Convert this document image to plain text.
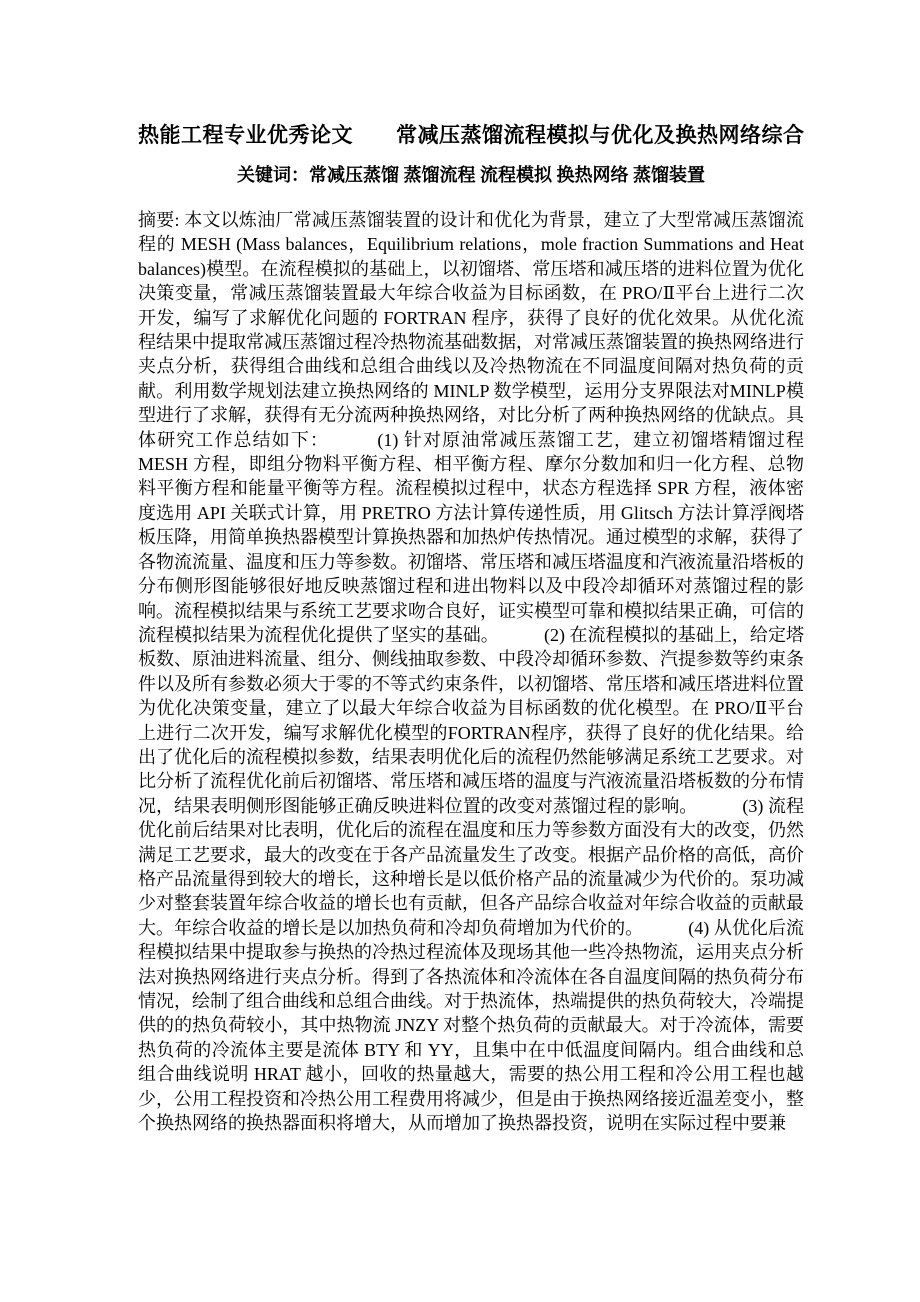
热能工程专业优秀论文　　常减压蒸馏流程模拟与优化及换热网络综合
关键词：常减压蒸馏 蒸馏流程 流程模拟 换热网络 蒸馏装置

摘要: 本文以炼油厂常减压蒸馏装置的设计和优化为背景，建立了大型常减压蒸馏流程的 MESH (Mass balances，Equilibrium relations，mole fraction Summations and Heat balances)模型。在流程模拟的基础上，以初馏塔、常压塔和减压塔的进料位置为优化决策变量，常减压蒸馏装置最大年综合收益为目标函数，在 PRO/Ⅱ平台上进行二次开发，编写了求解优化问题的 FORTRAN 程序，获得了良好的优化效果。从优化流程结果中提取常减压蒸馏过程冷热物流基础数据，对常减压蒸馏装置的换热网络进行夹点分析，获得组合曲线和总组合曲线以及冷热物流在不同温度间隔对热负荷的贡献。利用数学规划法建立换热网络的 MINLP 数学模型，运用分支界限法对MINLP模型进行了求解，获得有无分流两种换热网络，对比分析了两种换热网络的优缺点。具体研究工作总结如下：　　　(1) 针对原油常减压蒸馏工艺，建立初馏塔精馏过程 MESH 方程，即组分物料平衡方程、相平衡方程、摩尔分数加和归一化方程、总物料平衡方程和能量平衡等方程。流程模拟过程中，状态方程选择 SPR 方程，液体密度选用 API 关联式计算，用 PRETRO 方法计算传递性质，用 Glitsch 方法计算浮阀塔板压降，用简单换热器模型计算换热器和加热炉传热情况。通过模型的求解，获得了各物流流量、温度和压力等参数。初馏塔、常压塔和减压塔温度和汽液流量沿塔板的分布侧形图能够很好地反映蒸馏过程和进出物料以及中段冷却循环对蒸馏过程的影响。流程模拟结果与系统工艺要求吻合良好，证实模型可靠和模拟结果正确，可信的流程模拟结果为流程优化提供了坚实的基础。　　　(2) 在流程模拟的基础上，给定塔板数、原油进料流量、组分、侧线抽取参数、中段冷却循环参数、汽提参数等约束条件以及所有参数必须大于零的不等式约束条件，以初馏塔、常压塔和减压塔进料位置为优化决策变量，建立了以最大年综合收益为目标函数的优化模型。在 PRO/Ⅱ平台上进行二次开发，编写求解优化模型的FORTRAN程序，获得了良好的优化结果。给出了优化后的流程模拟参数，结果表明优化后的流程仍然能够满足系统工艺要求。对比分析了流程优化前后初馏塔、常压塔和减压塔的温度与汽液流量沿塔板数的分布情况，结果表明侧形图能够正确反映进料位置的改变对蒸馏过程的影响。　　　(3) 流程优化前后结果对比表明，优化后的流程在温度和压力等参数方面没有大的改变，仍然满足工艺要求，最大的改变在于各产品流量发生了改变。根据产品价格的高低，高价格产品流量得到较大的增长，这种增长是以低价格产品的流量减少为代价的。泵功减少对整套装置年综合收益的增长也有贡献，但各产品综合收益对年综合收益的贡献最大。年综合收益的增长是以加热负荷和冷却负荷增加为代价的。　　　(4) 从优化后流程模拟结果中提取参与换热的冷热过程流体及现场其他一些冷热物流，运用夹点分析法对换热网络进行夹点分析。得到了各热流体和冷流体在各自温度间隔的热负荷分布情况，绘制了组合曲线和总组合曲线。对于热流体，热端提供的热负荷较大，冷端提供的的热负荷较小，其中热物流 JNZY 对整个热负荷的贡献最大。对于冷流体，需要热负荷的冷流体主要是流体 BTY 和 YY，且集中在中低温度间隔内。组合曲线和总组合曲线说明 HRAT 越小，回收的热量越大，需要的热公用工程和冷公用工程也越少，公用工程投资和冷热公用工程费用将减少，但是由于换热网络接近温差变小，整个换热网络的换热器面积将增大，从而增加了换热器投资，说明在实际过程中要兼
